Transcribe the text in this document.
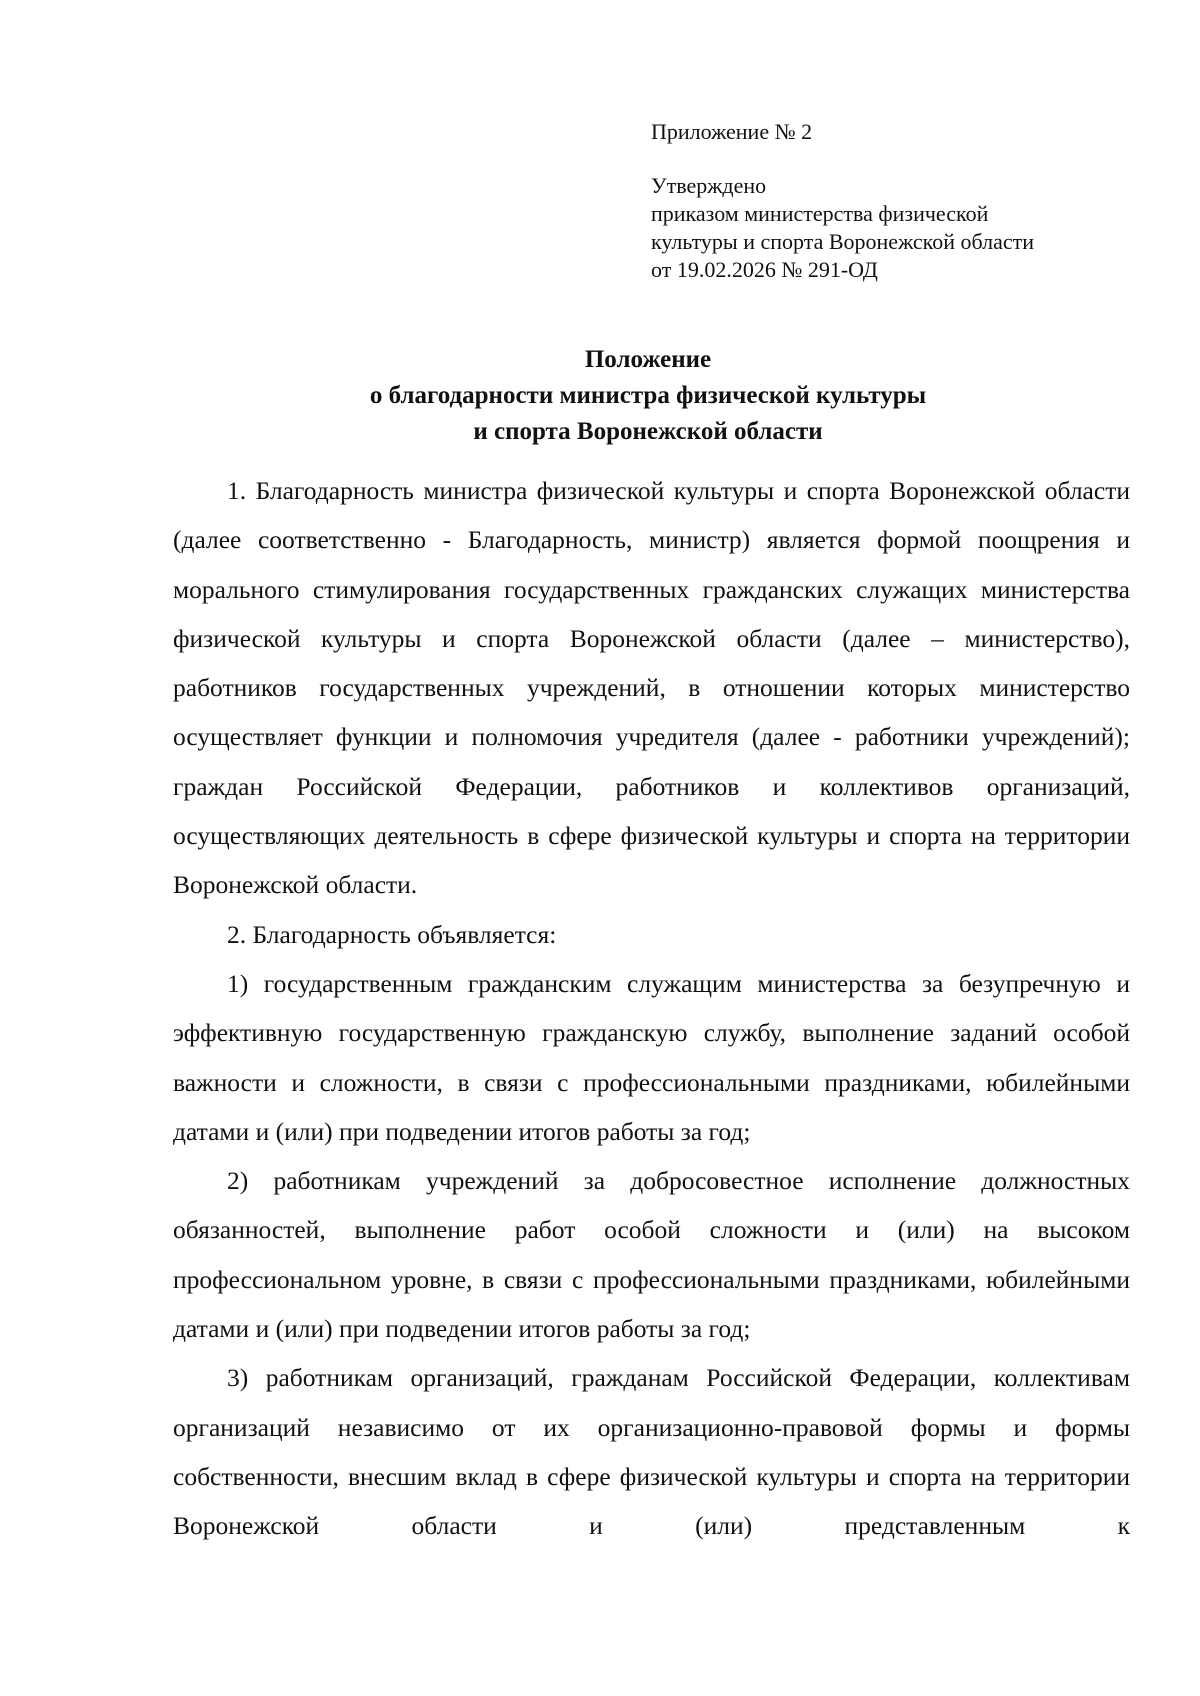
Приложение № 2
Утверждено
приказом министерства физической
культуры и спорта Воронежской области
от 19.02.2026 № 291-ОД
Положение
о благодарности министра физической культуры
и спорта Воронежской области

1. Благодарность министра физической культуры и спорта Воронежской области (далее соответственно - Благодарность, министр) является формой поощрения и морального стимулирования государственных гражданских служащих министерства физической культуры и спорта Воронежской области (далее – министерство), работников государственных учреждений, в отношении которых министерство осуществляет функции и полномочия учредителя (далее - работники учреждений); граждан Российской Федерации, работников и коллективов организаций, осуществляющих деятельность в сфере физической культуры и спорта на территории Воронежской области.

2. Благодарность объявляется:

1) государственным гражданским служащим министерства за безупречную и эффективную государственную гражданскую службу, выполнение заданий особой важности и сложности, в связи с профессиональными праздниками, юбилейными датами и (или) при подведении итогов работы за год;

2) работникам учреждений за добросовестное исполнение должностных обязанностей, выполнение работ особой сложности и (или) на высоком профессиональном уровне, в связи с профессиональными праздниками, юбилейными датами и (или) при подведении итогов работы за год;

3) работникам организаций, гражданам Российской Федерации, коллективам организаций независимо от их организационно-правовой формы и формы собственности, внесшим вклад в сфере физической культуры и спорта на территории Воронежской области и (или) представленным к
